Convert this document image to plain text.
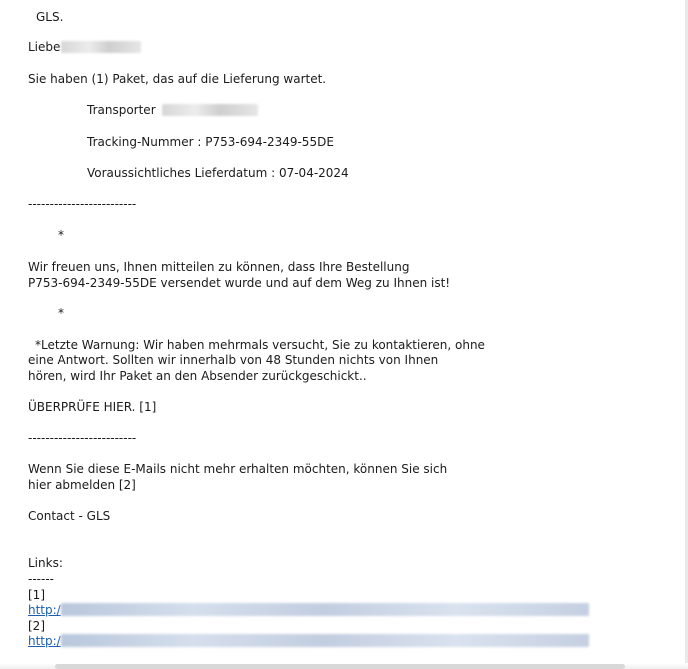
GLS.
Liebe
Sie haben (1) Paket, das auf die Lieferung wartet.
Transporter
Tracking-Nummer : P753-694-2349-55DE
Voraussichtliches Lieferdatum : 07-04-2024
-------------------------
*
Wir freuen uns, Ihnen mitteilen zu können, dass Ihre Bestellung
P753-694-2349-55DE versendet wurde und auf dem Weg zu Ihnen ist!
*
*Letzte Warnung: Wir haben mehrmals versucht, Sie zu kontaktieren, ohne
eine Antwort. Sollten wir innerhalb von 48 Stunden nichts von Ihnen
hören, wird Ihr Paket an den Absender zurückgeschickt..
ÜBERPRÜFE HIER. [1]
-------------------------
Wenn Sie diese E-Mails nicht mehr erhalten möchten, können Sie sich
hier abmelden [2]
Contact - GLS
Links:
------
[1]
http:/
[2]
http:/
